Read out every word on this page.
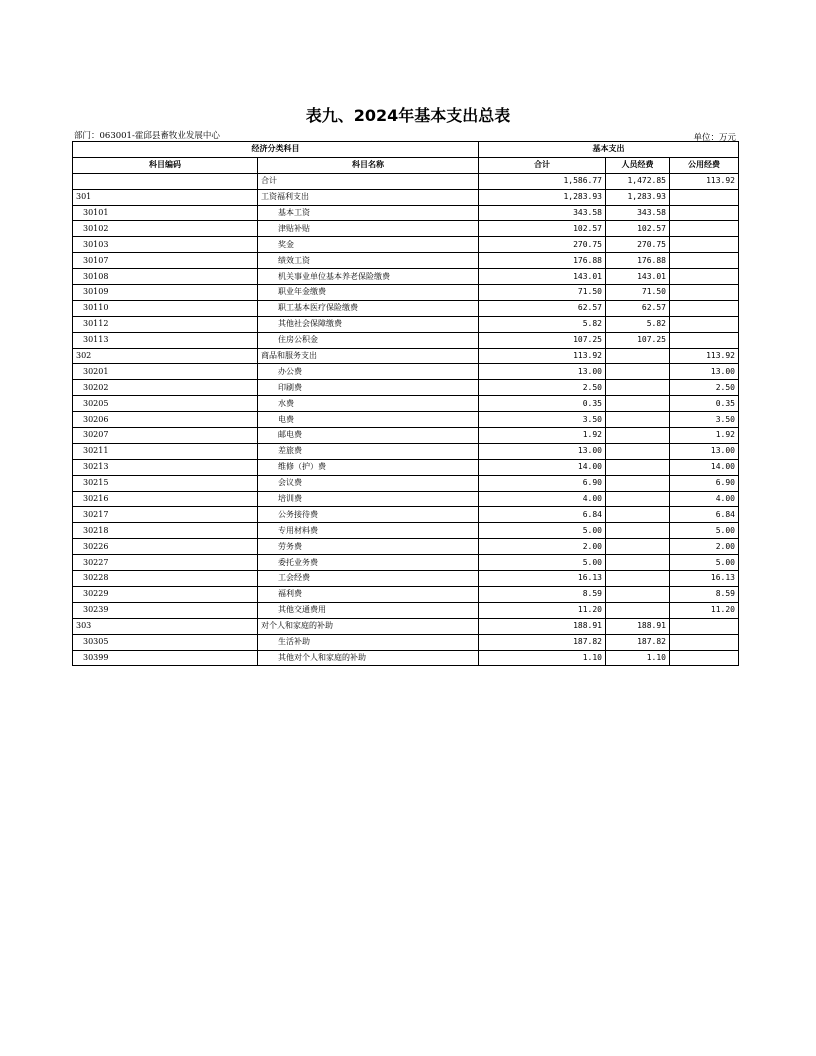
表九、2024年基本支出总表
部门：063001-霍邱县畜牧业发展中心	单位：万元
经济分类科目		基本支出		
科目编码	科目名称	合计	人员经费	公用经费
	合计	1,586.77	1,472.85	113.92
301	工资福利支出	1,283.93	1,283.93	
30101	基本工资	343.58	343.58	
30102	津贴补贴	102.57	102.57	
30103	奖金	270.75	270.75	
30107	绩效工资	176.88	176.88	
30108	机关事业单位基本养老保险缴费	143.01	143.01	
30109	职业年金缴费	71.50	71.50	
30110	职工基本医疗保险缴费	62.57	62.57	
30112	其他社会保障缴费	5.82	5.82	
30113	住房公积金	107.25	107.25	
302	商品和服务支出	113.92		113.92
30201	办公费	13.00		13.00
30202	印刷费	2.50		2.50
30205	水费	0.35		0.35
30206	电费	3.50		3.50
30207	邮电费	1.92		1.92
30211	差旅费	13.00		13.00
30213	维修（护）费	14.00		14.00
30215	会议费	6.90		6.90
30216	培训费	4.00		4.00
30217	公务接待费	6.84		6.84
30218	专用材料费	5.00		5.00
30226	劳务费	2.00		2.00
30227	委托业务费	5.00		5.00
30228	工会经费	16.13		16.13
30229	福利费	8.59		8.59
30239	其他交通费用	11.20		11.20
303	对个人和家庭的补助	188.91	188.91	
30305	生活补助	187.82	187.82	
30399	其他对个人和家庭的补助	1.10	1.10	
